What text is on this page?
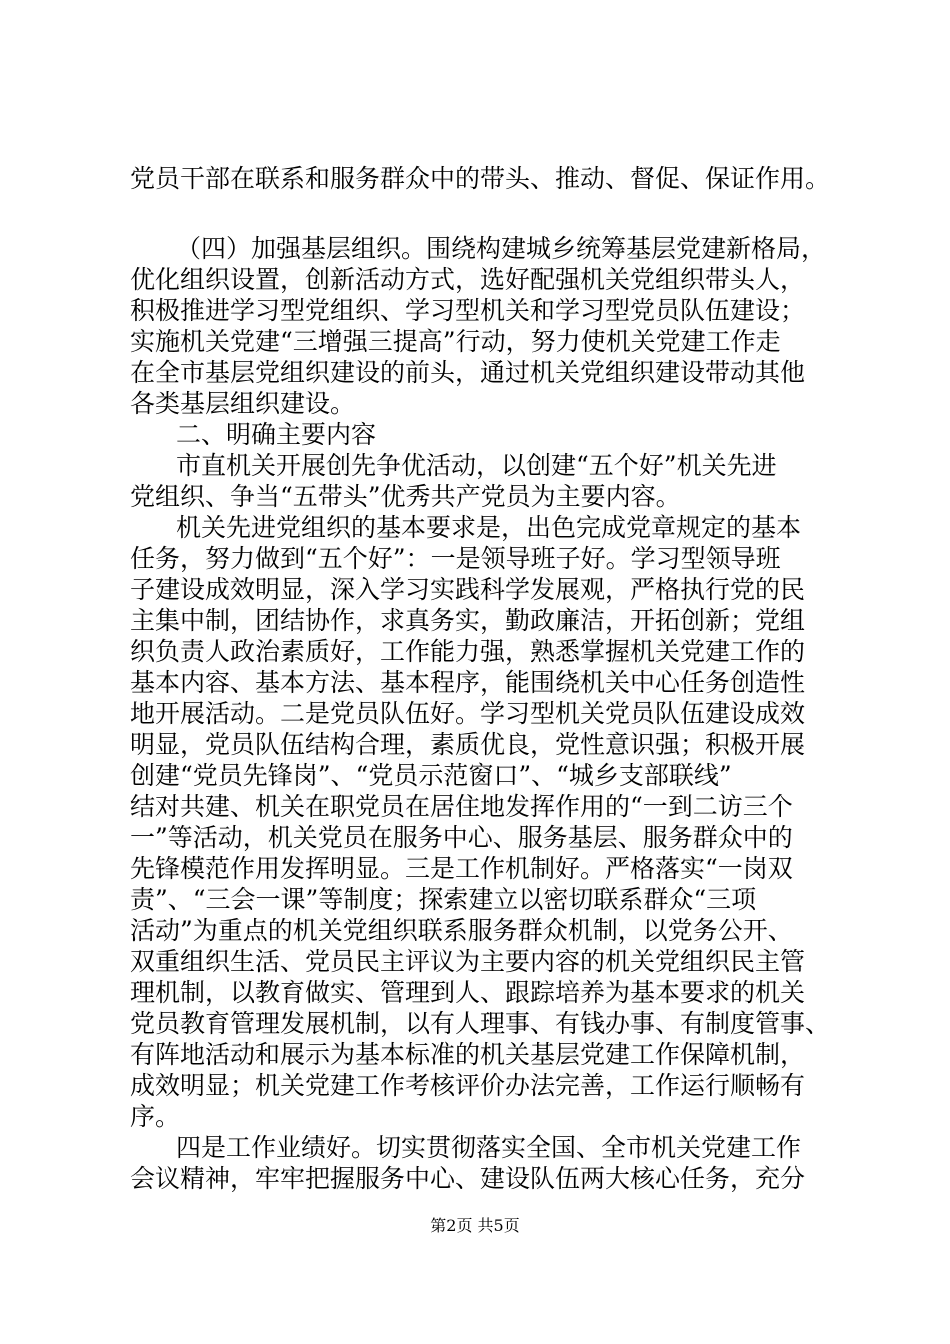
党员干部在联系和服务群众中的带头、推动、督促、保证作用。
（四）加强基层组织。围绕构建城乡统筹基层党建新格局，
优化组织设置，创新活动方式，选好配强机关党组织带头人，
积极推进学习型党组织、学习型机关和学习型党员队伍建设；
实施机关党建“三增强三提高”行动，努力使机关党建工作走
在全市基层党组织建设的前头，通过机关党组织建设带动其他
各类基层组织建设。
二、明确主要内容
市直机关开展创先争优活动，以创建“五个好”机关先进
党组织、争当“五带头”优秀共产党员为主要内容。
机关先进党组织的基本要求是，出色完成党章规定的基本
任务，努力做到“五个好”：一是领导班子好。学习型领导班
子建设成效明显，深入学习实践科学发展观，严格执行党的民
主集中制，团结协作，求真务实，勤政廉洁，开拓创新；党组
织负责人政治素质好，工作能力强，熟悉掌握机关党建工作的
基本内容、基本方法、基本程序，能围绕机关中心任务创造性
地开展活动。二是党员队伍好。学习型机关党员队伍建设成效
明显，党员队伍结构合理，素质优良，党性意识强；积极开展
创建“党员先锋岗”、“党员示范窗口”、“城乡支部联线”
结对共建、机关在职党员在居住地发挥作用的“一到二访三个
一”等活动，机关党员在服务中心、服务基层、服务群众中的
先锋模范作用发挥明显。三是工作机制好。严格落实“一岗双
责”、“三会一课”等制度；探索建立以密切联系群众“三项
活动”为重点的机关党组织联系服务群众机制，以党务公开、
双重组织生活、党员民主评议为主要内容的机关党组织民主管
理机制，以教育做实、管理到人、跟踪培养为基本要求的机关
党员教育管理发展机制，以有人理事、有钱办事、有制度管事、
有阵地活动和展示为基本标准的机关基层党建工作保障机制，
成效明显；机关党建工作考核评价办法完善，工作运行顺畅有
序。
四是工作业绩好。切实贯彻落实全国、全市机关党建工作
会议精神，牢牢把握服务中心、建设队伍两大核心任务，充分
第2页 共5页
